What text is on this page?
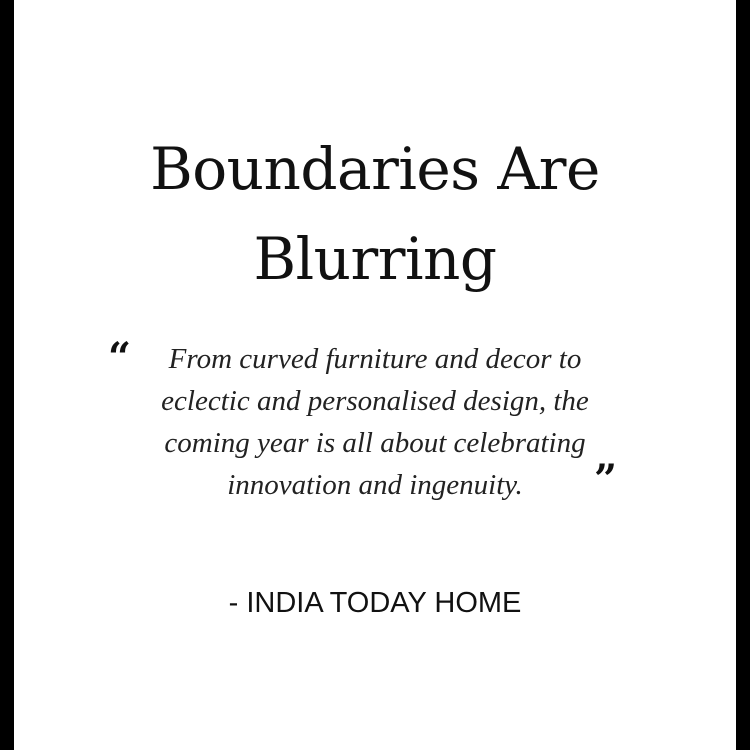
Boundaries Are
Blurring
“	From curved furniture and decor to
eclectic and personalised design, the
coming year is all about celebrating
innovation and ingenuity.	”

- INDIA TODAY HOME
